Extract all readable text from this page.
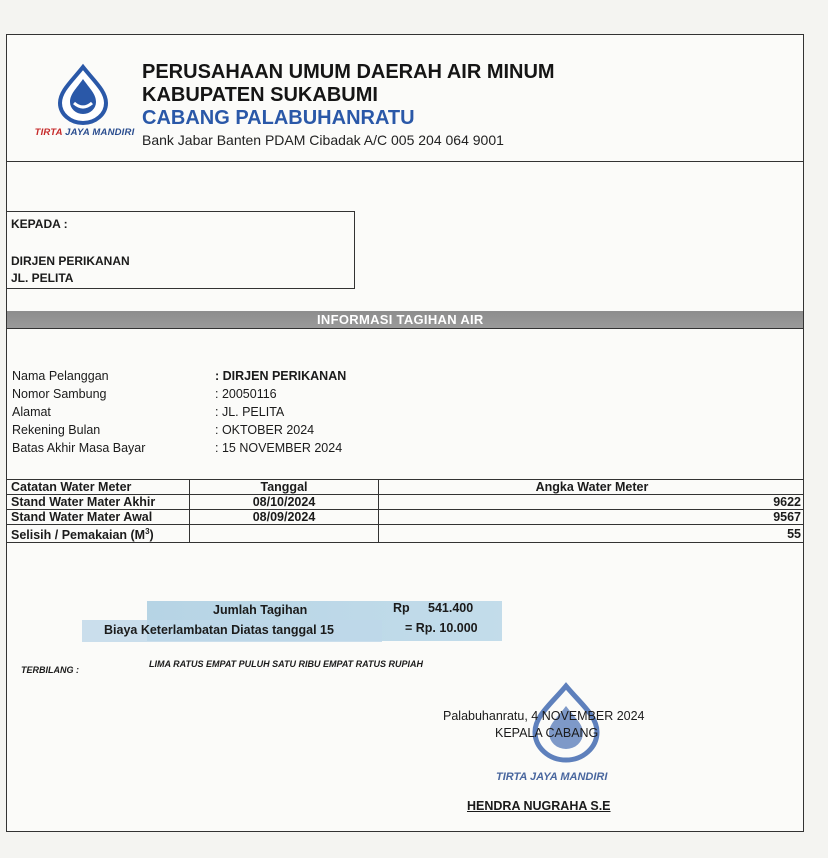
TIRTA JAYA MANDIRI
PERUSAHAAN UMUM DAERAH AIR MINUM
KABUPATEN SUKABUMI
CABANG PALABUHANRATU
Bank Jabar Banten PDAM Cibadak A/C 005 204 064 9001
KEPADA :
DIRJEN PERIKANAN
JL. PELITA
INFORMASI TAGIHAN AIR
Nama Pelanggan	: DIRJEN PERIKANAN
Nomor Sambung	: 20050116
Alamat	: JL. PELITA
Rekening Bulan	: OKTOBER 2024
Batas Akhir Masa Bayar	: 15 NOVEMBER 2024
Catatan Water Meter	Tanggal	Angka Water Meter

Stand Water Mater Akhir	08/10/2024	9622

Stand Water Mater Awal	08/09/2024	9567
Selisih / Pemakaian $(M^3)$		55
Jumlah Tagihan	Rp 541.400
Biaya Keterlambatan Diatas tanggal 15	= Rp. 10.000
TERBILANG :
LIMA RATUS EMPAT PULUH SATU RIBU EMPAT RATUS RUPIAH
Palabuhanratu, 4 NOVEMBER 2024
KEPALA CABANG
TIRTA JAYA MANDIRI
HENDRA NUGRAHA S.E
